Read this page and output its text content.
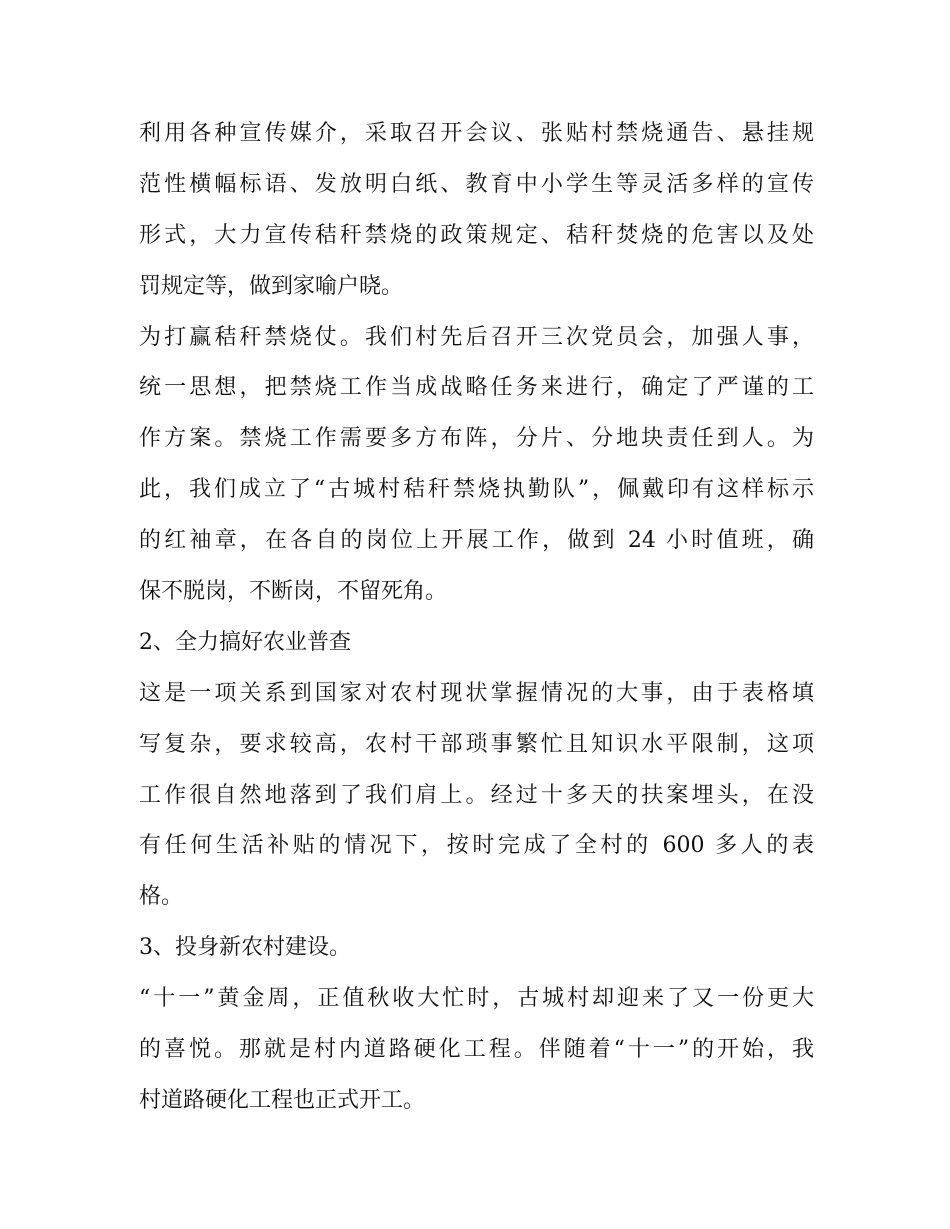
利用各种宣传媒介，采取召开会议、张贴村禁烧通告、悬挂规
范性横幅标语、发放明白纸、教育中小学生等灵活多样的宣传
形式，大力宣传秸秆禁烧的政策规定、秸秆焚烧的危害以及处
罚规定等，做到家喻户晓。
为打赢秸秆禁烧仗。我们村先后召开三次党员会，加强人事，
统一思想，把禁烧工作当成战略任务来进行，确定了严谨的工
作方案。禁烧工作需要多方布阵，分片、分地块责任到人。为
此，我们成立了“古城村秸秆禁烧执勤队”，佩戴印有这样标示
的红袖章，在各自的岗位上开展工作，做到 24 小时值班，确
保不脱岗，不断岗，不留死角。
2、全力搞好农业普查
这是一项关系到国家对农村现状掌握情况的大事，由于表格填
写复杂，要求较高，农村干部琐事繁忙且知识水平限制，这项
工作很自然地落到了我们肩上。经过十多天的扶案埋头，在没
有任何生活补贴的情况下，按时完成了全村的 600 多人的表
格。
3、投身新农村建设。
“十一”黄金周，正值秋收大忙时，古城村却迎来了又一份更大
的喜悦。那就是村内道路硬化工程。伴随着“十一”的开始，我
村道路硬化工程也正式开工。
